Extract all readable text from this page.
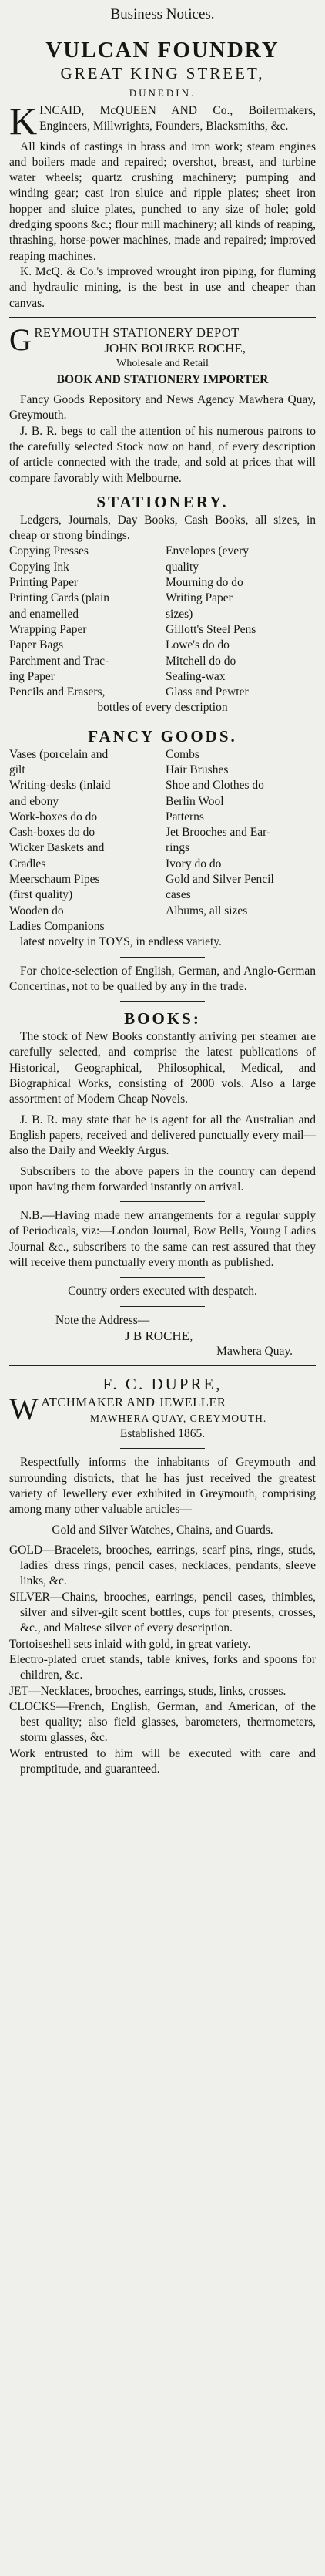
Business Notices.
VULCAN FOUNDRY
GREAT KING STREET,
DUNEDIN.

KINCAID, McQUEEN AND Co., Boilermakers, Engineers, Millwrights, Founders, Blacksmiths, &c.

All kinds of castings in brass and iron work; steam engines and boilers made and repaired; overshot, breast, and turbine water wheels; quartz crushing machinery; pumping and winding gear; cast iron sluice and ripple plates; sheet iron hopper and sluice plates, punched to any size of hole; gold dredging spoons &c.; flour mill machinery; all kinds of reaping, thrashing, horse-power machines, made and repaired; improved reaping machines.

K. McQ. & Co.'s improved wrought iron piping, for fluming and hydraulic mining, is the best in use and cheaper than canvas.

GREYMOUTH STATIONERY DEPOT

JOHN BOURKE ROCHE,

Wholesale and Retail

BOOK AND STATIONERY IMPORTER

Fancy Goods Repository and News Agency Mawhera Quay, Greymouth.

J. B. R. begs to call the attention of his numerous patrons to the carefully selected Stock now on hand, of every description of article connected with the trade, and sold at prices that will compare favorably with Melbourne.

STATIONERY.

Ledgers, Journals, Day Books, Cash Books, all sizes, in cheap or strong bindings.

Copying Presses	Envelopes (every
Copying Ink	quality
Printing Paper	Mourning do do
Printing Cards (plain	Writing Paper
and enamelled	sizes)
Wrapping Paper	Gillott's Steel Pens
Paper Bags	Lowe's do do
Parchment and Trac-	Mitchell do do
ing Paper	Sealing-wax
Pencils and Erasers,	Glass and Pewter

bottles of every description

FANCY GOODS.
Vases (porcelain and	Combs
gilt	Hair Brushes
Writing-desks (inlaid	Shoe and Clothes do
and ebony	Berlin Wool
Work-boxes do do	Patterns
Cash-boxes do do	Jet Brooches and Ear-
Wicker Baskets and	rings
Cradles	Ivory do do
Meerschaum Pipes	Gold and Silver Pencil
(first quality)	cases
Wooden do	Albums, all sizes
Ladies Companions

latest novelty in TOYS, in endless variety.

For choice-selection of English, German, and Anglo-German Concertinas, not to be qualled by any in the trade.

BOOKS:

The stock of New Books constantly arriving per steamer are carefully selected, and comprise the latest publications of Historical, Geographical, Philosophical, Medical, and Biographical Works, consisting of 2000 vols. Also a large assortment of Modern Cheap Novels.

J. B. R. may state that he is agent for all the Australian and English papers, received and delivered punctually every mail—also the Daily and Weekly Argus.

Subscribers to the above papers in the country can depend upon having them forwarded instantly on arrival.

N.B.—Having made new arrangements for a regular supply of Periodicals, viz:—London Journal, Bow Bells, Young Ladies Journal &c., subscribers to the same can rest assured that they will receive them punctually every month as published.

Country orders executed with despatch.

Note the Address—

J B ROCHE,

Mawhera Quay.

F. C. DUPRE,

WATCHMAKER AND JEWELLER

MAWHERA QUAY, GREYMOUTH.

Established 1865.

Respectfully informs the inhabitants of Greymouth and surrounding districts, that he has just received the greatest variety of Jewellery ever exhibited in Greymouth, comprising among many other valuable articles—

Gold and Silver Watches, Chains, and Guards.

GOLD—Bracelets, brooches, earrings, scarf pins, rings, studs, ladies' dress rings, pencil cases, necklaces, pendants, sleeve links, &c.

SILVER—Chains, brooches, earrings, pencil cases, thimbles, silver and silver-gilt scent bottles, cups for presents, crosses, &c., and Maltese silver of every description.

Tortoiseshell sets inlaid with gold, in great variety.

Electro-plated cruet stands, table knives, forks and spoons for children, &c.

JET—Necklaces, brooches, earrings, studs, links, crosses.

CLOCKS—French, English, German, and American, of the best quality; also field glasses, barometers, thermometers, storm glasses, &c.

Work entrusted to him will be executed with care and promptitude, and guaranteed.
